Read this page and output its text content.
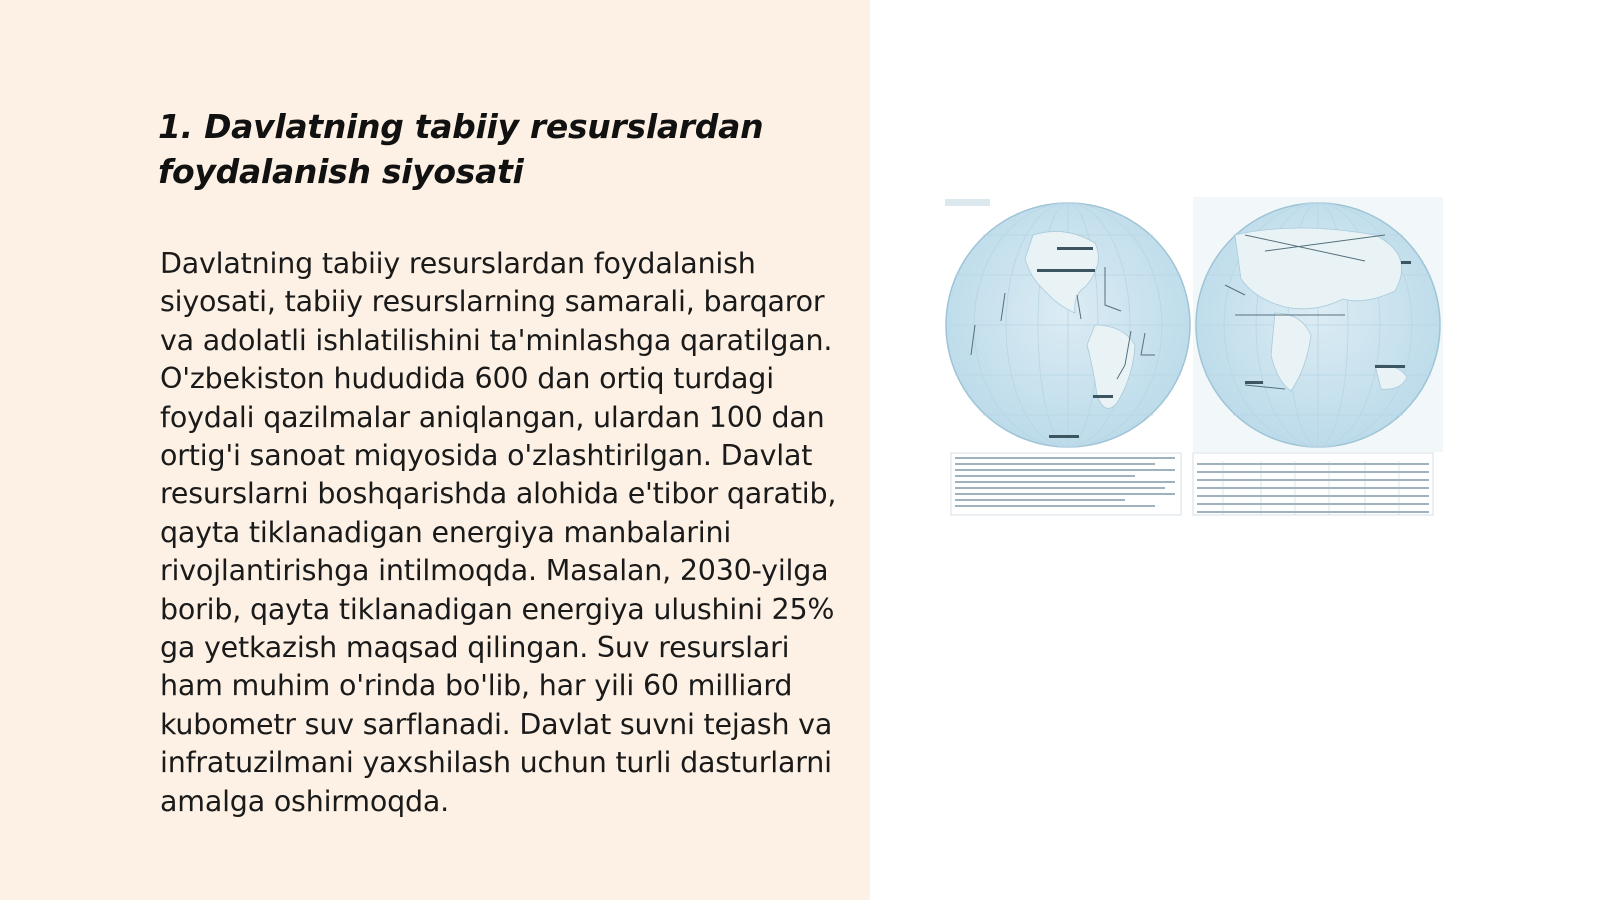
1. Davlatning tabiiy resurslardan foydalanish siyosati

Davlatning tabiiy resurslardan foydalanish siyosati, tabiiy resurslarning samarali, barqaror va adolatli ishlatilishini ta'minlashga qaratilgan. O'zbekiston hududida 600 dan ortiq turdagi foydali qazilmalar aniqlangan, ulardan 100 dan ortig'i sanoat miqyosida o'zlashtirilgan. Davlat resurslarni boshqarishda alohida e'tibor qaratib, qayta tiklanadigan energiya manbalarini rivojlantirishga intilmoqda. Masalan, 2030-yilga borib, qayta tiklanadigan energiya ulushini 25% ga yetkazish maqsad qilingan. Suv resurslari ham muhim o'rinda bo'lib, har yili 60 milliard kubometr suv sarflanadi. Davlat suvni tejash va infratuzilmani yaxshilash uchun turli dasturlarni amalga oshirmoqda.
